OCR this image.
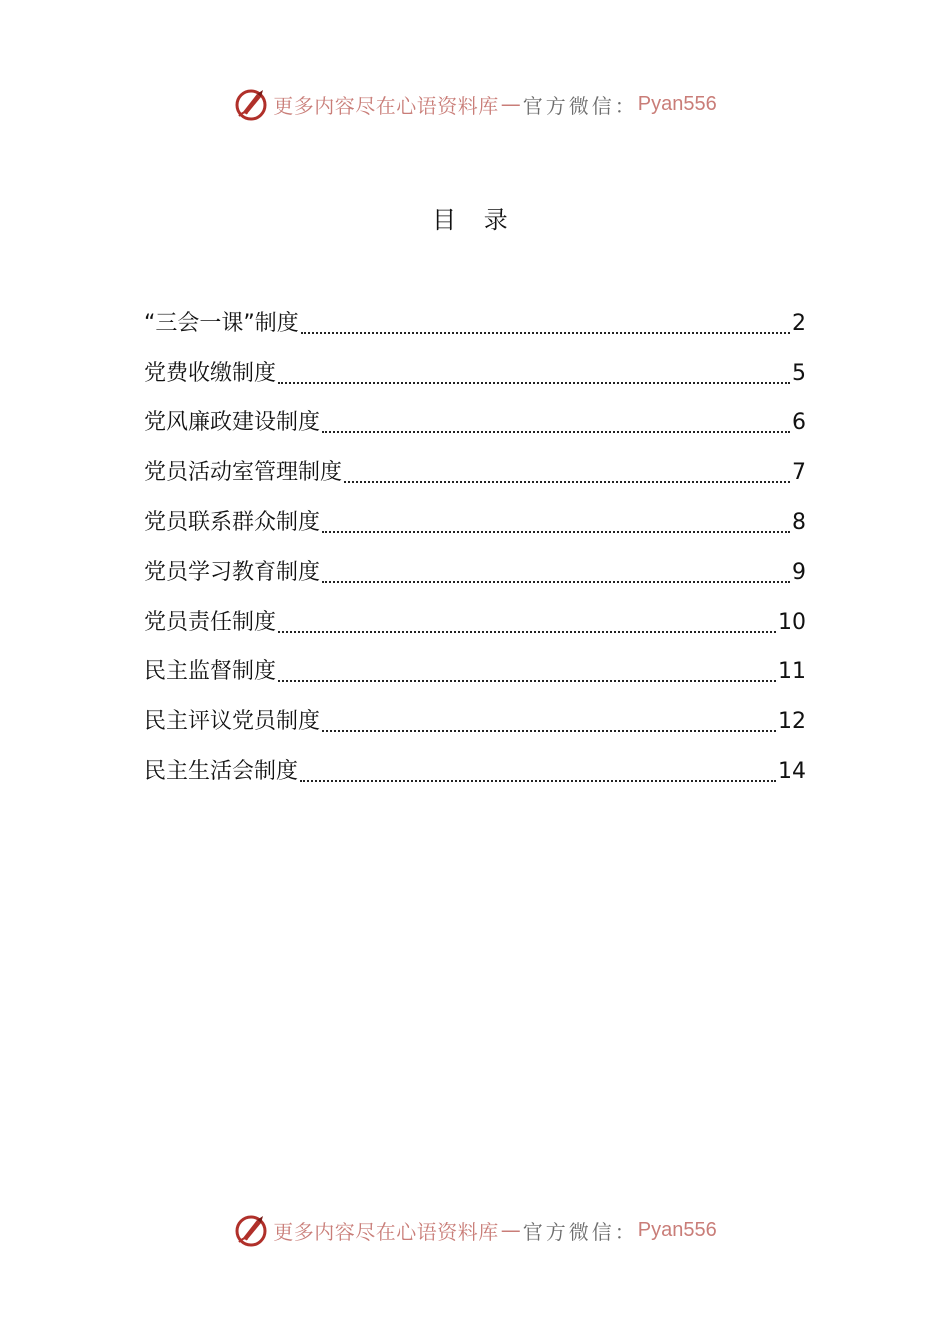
更多内容尽在心语资料库 — 官方微信： Pyan556
目 录
“三会一课”制度	2
党费收缴制度	5
党风廉政建设制度	6
党员活动室管理制度	7
党员联系群众制度	8
党员学习教育制度	9
党员责任制度	10
民主监督制度	11
民主评议党员制度	12
民主生活会制度	14
更多内容尽在心语资料库 — 官方微信： Pyan556
